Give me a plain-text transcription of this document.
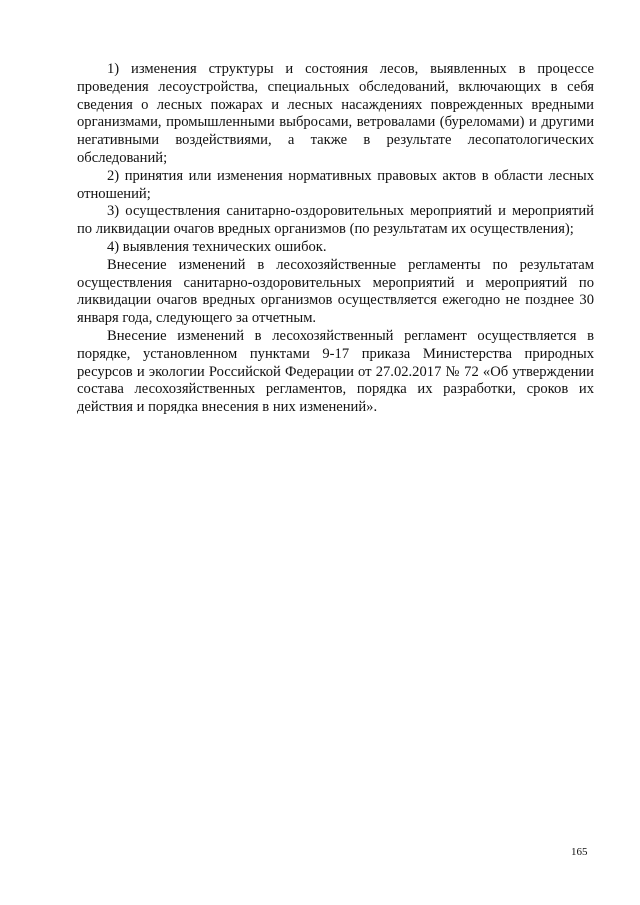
1) изменения структуры и состояния лесов, выявленных в процессе проведения лесоустройства, специальных обследований, включающих в себя сведения о лесных пожарах и лесных насаждениях поврежденных вредными организмами, промышленными выбросами, ветровалами (буреломами) и другими негативными воздействиями, а также в результате лесопатологических обследований;

2) принятия или изменения нормативных правовых актов в области лесных отношений;

3) осуществления санитарно-оздоровительных мероприятий и мероприятий по ликвидации очагов вредных организмов (по результатам их осуществления);

4) выявления технических ошибок.

Внесение изменений в лесохозяйственные регламенты по результатам осуществления санитарно-оздоровительных мероприятий и мероприятий по ликвидации очагов вредных организмов осуществляется ежегодно не позднее 30 января года, следующего за отчетным.

Внесение изменений в лесохозяйственный регламент осуществляется в порядке, установленном пунктами 9-17 приказа Министерства природных ресурсов и экологии Российской Федерации от 27.02.2017 № 72 «Об утверждении состава лесохозяйственных регламентов, порядка их разработки, сроков их действия и порядка внесения в них изменений».

165
